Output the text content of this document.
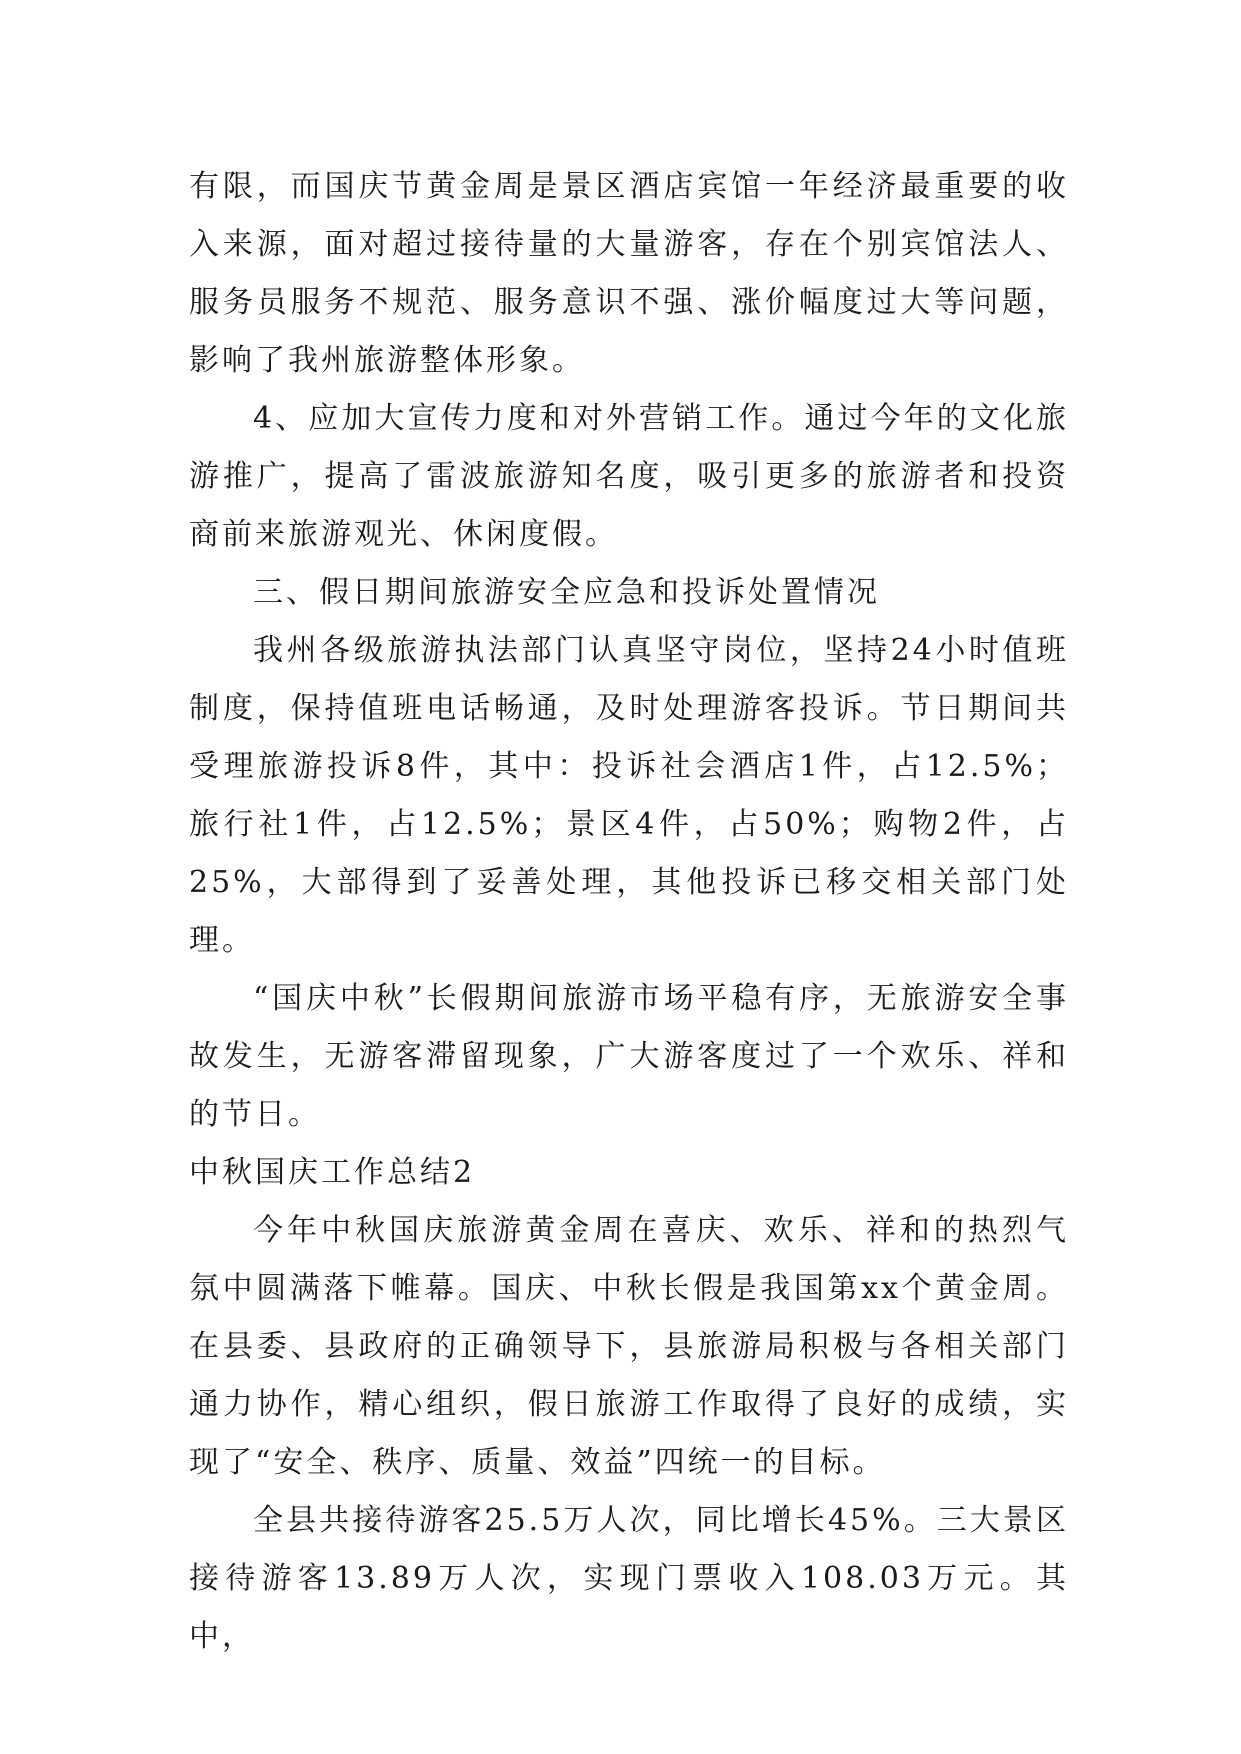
有限，而国庆节黄金周是景区酒店宾馆一年经济最重要的收入来源，面对超过接待量的大量游客，存在个别宾馆法人、服务员服务不规范、服务意识不强、涨价幅度过大等问题，影响了我州旅游整体形象。

4、应加大宣传力度和对外营销工作。通过今年的文化旅游推广，提高了雷波旅游知名度，吸引更多的旅游者和投资商前来旅游观光、休闲度假。

三、假日期间旅游安全应急和投诉处置情况

我州各级旅游执法部门认真坚守岗位，坚持24小时值班制度，保持值班电话畅通，及时处理游客投诉。节日期间共受理旅游投诉8件，其中：投诉社会酒店1件，占12.5%；旅行社1件，占12.5%；景区4件，占50%；购物2件，占25%，大部得到了妥善处理，其他投诉已移交相关部门处理。

“国庆中秋”长假期间旅游市场平稳有序，无旅游安全事故发生，无游客滞留现象，广大游客度过了一个欢乐、祥和的节日。

中秋国庆工作总结2

今年中秋国庆旅游黄金周在喜庆、欢乐、祥和的热烈气氛中圆满落下帷幕。国庆、中秋长假是我国第xx个黄金周。在县委、县政府的正确领导下，县旅游局积极与各相关部门通力协作，精心组织，假日旅游工作取得了良好的成绩，实现了“安全、秩序、质量、效益”四统一的目标。

全县共接待游客25.5万人次，同比增长45%。三大景区接待游客13.89万人次，实现门票收入108.03万元。其中，
